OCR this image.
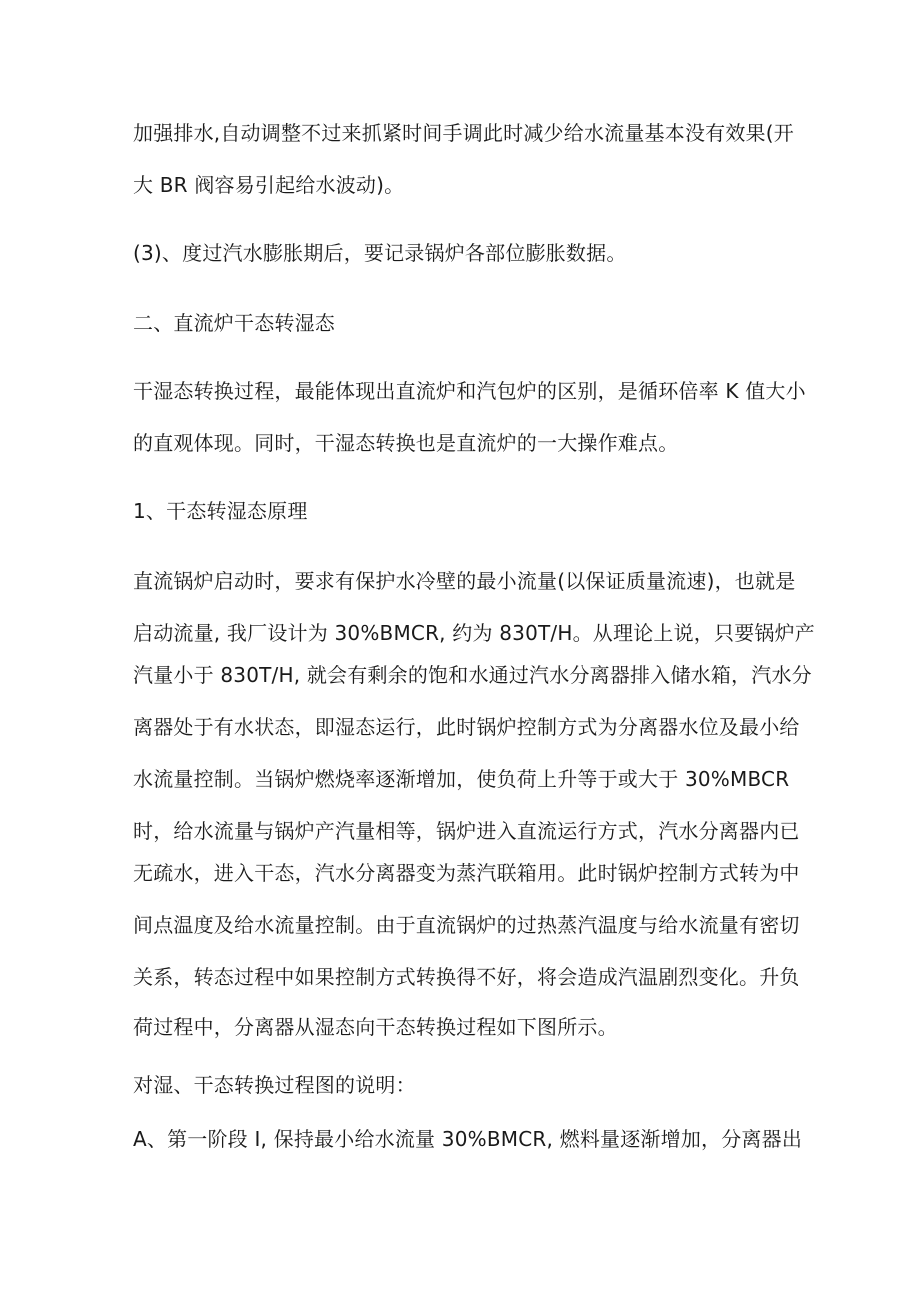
加强排水,自动调整不过来抓紧时间手调此时减少给水流量基本没有效果(开

大 BR 阀容易引起给水波动)。

(3)、度过汽水膨胀期后，要记录锅炉各部位膨胀数据。

二、直流炉干态转湿态

干湿态转换过程，最能体现出直流炉和汽包炉的区别，是循环倍率 K 值大小

的直观体现。同时，干湿态转换也是直流炉的一大操作难点。

1、干态转湿态原理

直流锅炉启动时，要求有保护水冷壁的最小流量(以保证质量流速)，也就是

启动流量, 我厂设计为 30%BMCR, 约为 830T/H。从理论上说，只要锅炉产

汽量小于 830T/H, 就会有剩余的饱和水通过汽水分离器排入储水箱，汽水分

离器处于有水状态，即湿态运行，此时锅炉控制方式为分离器水位及最小给

水流量控制。当锅炉燃烧率逐渐增加，使负荷上升等于或大于 30%MBCR

时，给水流量与锅炉产汽量相等，锅炉进入直流运行方式，汽水分离器内已

无疏水，进入干态，汽水分离器变为蒸汽联箱用。此时锅炉控制方式转为中

间点温度及给水流量控制。由于直流锅炉的过热蒸汽温度与给水流量有密切

关系，转态过程中如果控制方式转换得不好，将会造成汽温剧烈变化。升负

荷过程中，分离器从湿态向干态转换过程如下图所示。

对湿、干态转换过程图的说明：

A、第一阶段 I, 保持最小给水流量 30%BMCR, 燃料量逐渐增加，分离器出
